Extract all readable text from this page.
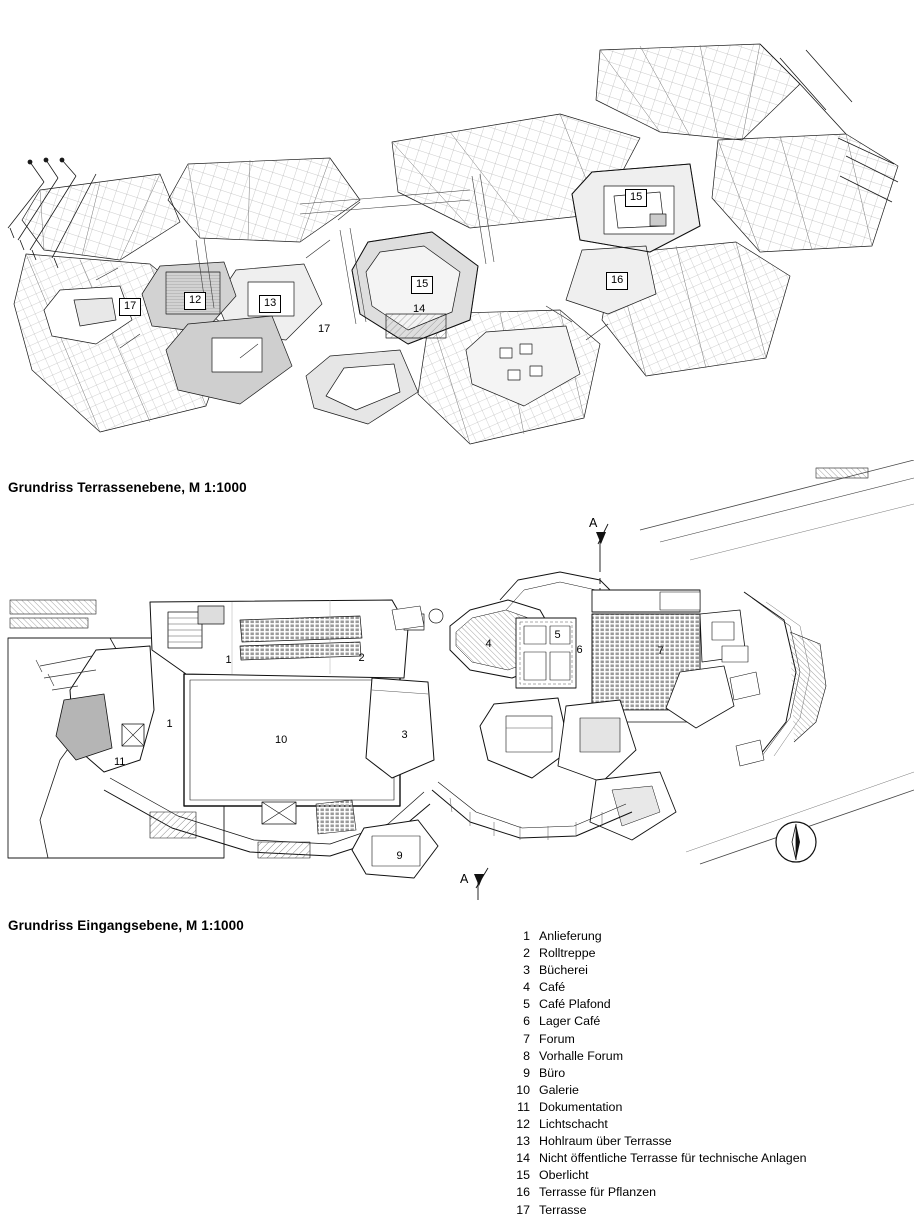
17	12	13
17
15
14
15
16
Grundriss Terrassenebene, M 1:1000
1	2
1
11
10	3
9
4
5
6	7
A
A
Grundriss Eingangsebene, M 1:1000
1 Anlieferung
2 Rolltreppe
3 Bücherei
4 Café
5 Café Plafond
6 Lager Café
7 Forum
8 Vorhalle Forum
9 Büro
10 Galerie
11 Dokumentation
12 Lichtschacht
13 Hohlraum über Terrasse
14 Nicht öffentliche Terrasse für technische Anlagen
15 Oberlicht
16 Terrasse für Pflanzen
17 Terrasse
